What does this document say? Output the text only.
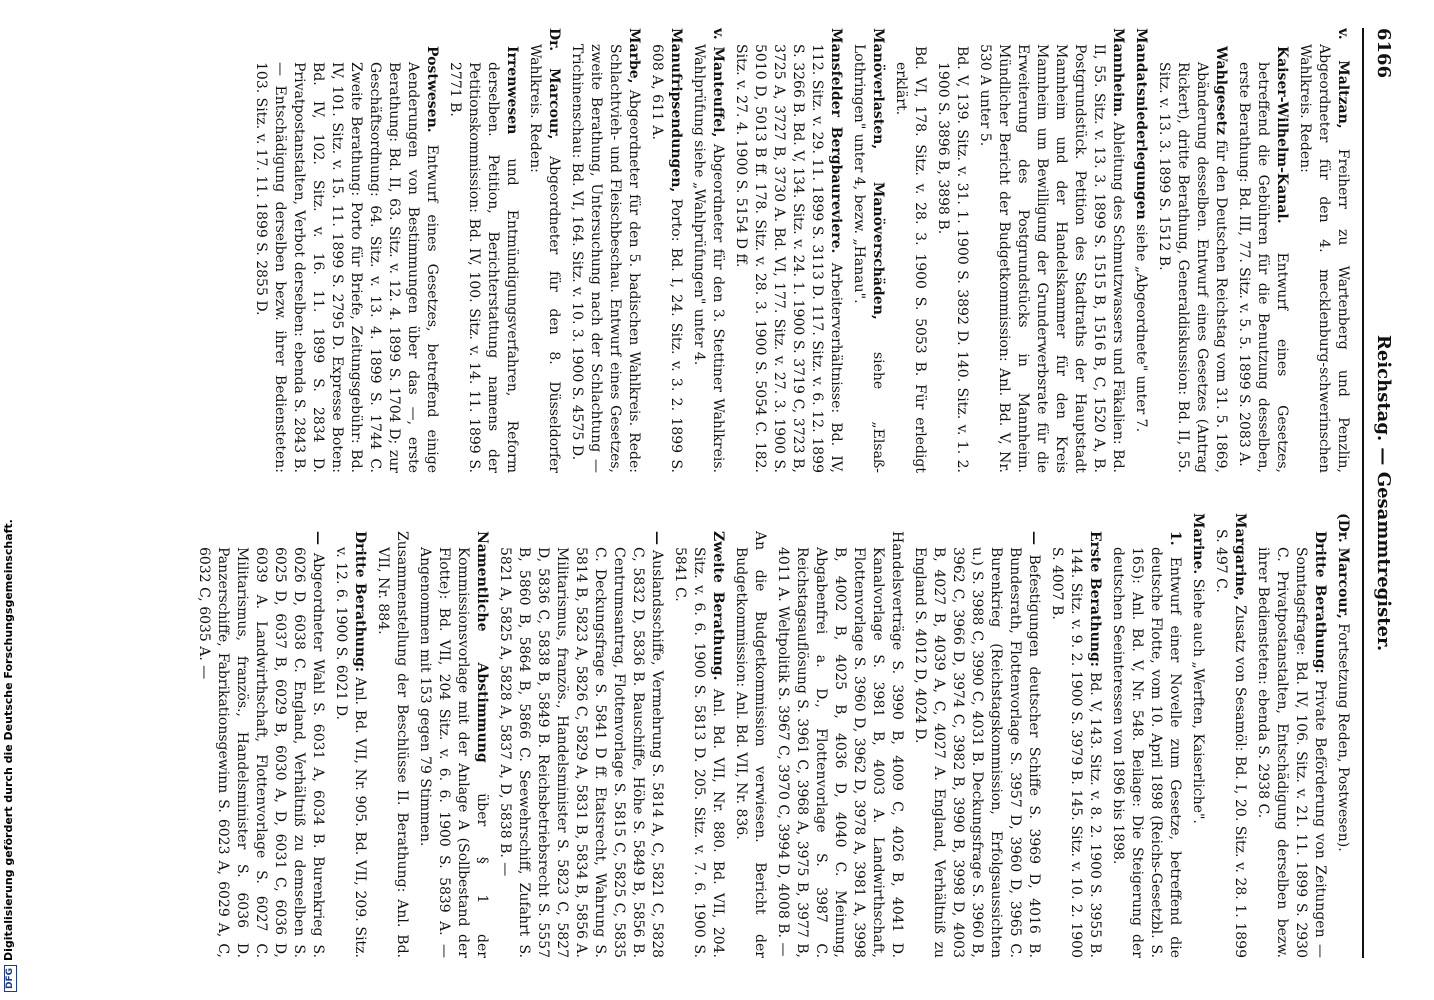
6166
Reichstag. — Gesammtregister.
v. Maltzan, Freiherr zu Wartenberg und Penzlin, Abgeordneter für den 4. mecklenburg-schwerinschen Wahlkreis. Reden:
Kaiser-Wilhelm-Kanal. Entwurf eines Gesetzes, betreffend die Gebühren für die Benutzung desselben, erste Berathung: Bd. III, 77. Sitz. v. 5. 5. 1899 S. 2083 A.
Wahlgesetz für den Deutschen Reichstag vom 31. 5. 1869, Abänderung desselben. Entwurf eines Gesetzes (Antrag Rickert), dritte Berathung, Generaldiskussion: Bd. II, 55. Sitz. v. 13. 3. 1899 S. 1512 B.
Mandatsniederlegungen siehe „Abgeordnete" unter 7.
Mannheim. Ableitung des Schmutzwassers und Fäkalien: Bd. II, 55. Sitz. v. 13. 3. 1899 S. 1515 B, 1516 B, C, 1520 A, B. Postgrundstück. Petition des Stadtraths der Hauptstadt Mannheim und der Handelskammer für den Kreis Mannheim um Bewilligung der Grunderwerbsrate für die Erweiterung des Postgrundstücks in Mannheim. Mündlicher Bericht der Budgetkommission: Anl. Bd. V, Nr. 530 A unter 5.
Bd. V, 139. Sitz. v. 31. 1. 1900 S. 3892 D. 140. Sitz. v. 1. 2. 1900 S. 3896 B, 3898 B.
Bd. VI, 178. Sitz. v. 28. 3. 1900 S. 5053 B. Für erledigt erklärt.
Manöverlasten, Manöverschäden, siehe „Elsaß-Lothringen" unter 4, bezw. „Hanau".
Mansfelder Bergbaureviere. Arbeiterverhältnisse: Bd. IV, 112. Sitz. v. 29. 11. 1899 S. 3113 D. 117. Sitz. v. 6. 12. 1899 S. 3266 B. Bd. V, 134. Sitz. v. 24. 1. 1900 S. 3719 C, 3723 B, 3725 A, 3727 B, 3730 A. Bd. VI, 177. Sitz. v. 27. 3. 1900 S. 5010 D, 5013 B ff. 178. Sitz. v. 28. 3. 1900 S. 5054 C. 182. Sitz. v. 27. 4. 1900 S. 5154 D ff.
v. Manteuffel, Abgeordneter für den 3. Stettiner Wahlkreis. Wahlprüfung siehe „Wahlprüfungen" unter 4.
Manufripsendungen, Porto: Bd. I, 24. Sitz. v. 3. 2. 1899 S. 608 A, 611 A.
Marbe, Abgeordneter für den 5. badischen Wahlkreis. Rede: Schlachtvieh- und Fleischbeschau. Entwurf eines Gesetzes, zweite Berathung, Untersuchung nach der Schlachtung — Trichinenschau: Bd. VI, 164. Sitz. v. 10. 3. 1900 S. 4575 D.
Dr. Marcour, Abgeordneter für den 8. Düsseldorfer Wahlkreis. Reden:
Irrenwesen und Entmündigungsverfahren, Reform derselben. Petition, Berichterstattung namens der Petitionskommission: Bd. IV, 100. Sitz. v. 14. 11. 1899 S. 2771 B.
Postwesen. Entwurf eines Gesetzes, betreffend einige Aenderungen von Bestimmungen über das —, erste Berathung: Bd. II, 63. Sitz. v. 12. 4. 1899 S. 1704 D; zur Geschäftsordnung: 64. Sitz. v. 13. 4. 1899 S. 1744 C. Zweite Berathung: Porto für Briefe, Zeitungsgebühr: Bd. IV, 101. Sitz. v. 15. 11. 1899 S. 2795 D. Expresse Boten: Bd. IV, 102. Sitz. v. 16. 11. 1899 S. 2834 D. Privatpostanstalten, Verbot derselben: ebenda S. 2843 B. — Entschädigung derselben bezw. ihrer Bediensteten: 103. Sitz. v. 17. 11. 1899 S. 2855 D.
(Dr. Marcour, Fortsetzung Reden, Postwesen).
Dritte Berathung: Private Beförderung von Zeitungen — Sonntagsfrage: Bd. IV, 106. Sitz. v. 21. 11. 1899 S. 2930 C. Privatpostanstalten, Entschädigung derselben bezw. ihrer Bediensteten: ebenda S. 2938 C.
Margarine, Zusatz von Sesamöl: Bd. I, 20. Sitz. v. 28. 1. 1899 S. 497 C.
Marine. Siehe auch „Werften, Kaiserliche".
1. Entwurf einer Novelle zum Gesetze, betreffend die deutsche Flotte, vom 10. April 1898 (Reichs-Gesetzbl. S. 165): Anl. Bd. V, Nr. 548. Beilage: Die Steigerung der deutschen Seeinteressen von 1896 bis 1898.
Erste Berathung: Bd. V, 143. Sitz. v. 8. 2. 1900 S. 3955 B. 144. Sitz. v. 9. 2. 1900 S. 3979 B. 145. Sitz. v. 10. 2. 1900 S. 4007 B.
— Befestigungen deutscher Schiffe S. 3969 D, 4016 B. Bundesrath, Flottenvorlage S. 3957 D, 3960 D, 3965 C. Burenkrieg (Reichstagskommission, Erfolgsaussichten u.) S. 3988 C, 3990 C, 4031 B. Deckungsfrage S. 3960 B, 3962 C, 3966 D, 3974 C, 3982 B, 3990 B, 3998 D, 4003 B, 4027 B, 4039 A, C, 4027 A. England, Verhältniß zu England S. 4012 D, 4024 D.
Handelsverträge S. 3990 B, 4009 C, 4026 B, 4041 D. Kanalvorlage S. 3981 B, 4003 A. Landwirthschaft, Flottenvorlage S. 3960 D, 3962 D, 3978 A, 3981 A, 3998 B, 4002 B, 4025 B, 4036 D, 4040 C. Meinung, Abgabenfrei a. D., Flottenvorlage S. 3987 C. Reichstagsauflösung S. 3961 C, 3968 A, 3975 B, 3977 B, 4011 A. Weltpolitik S. 3967 C, 3970 C, 3994 D, 4008 B. —
An die Budgetkommission verwiesen. Bericht der Budgetkommission: Anl. Bd. VII, Nr. 836.
Zweite Berathung. Anl. Bd. VII, Nr. 880. Bd. VII, 204. Sitz. v. 6. 6. 1900 S. 5813 D. 205. Sitz. v. 7. 6. 1900 S. 5841 C.
— Auslandsschiffe, Vermehrung S. 5814 A, C, 5821 C, 5828 C, 5832 D, 5836 B. Bauschiffe, Höhe S. 5849 B, 5856 B. Centrumsantrag, Flottenvorlage S. 5815 C, 5825 C, 5835 C. Deckungsfrage S. 5841 D ff. Etatsrecht, Wahrung S. 5814 B, 5823 A, 5826 C, 5829 A, 5831 B, 5834 B, 5856 A. Militarismus, französ., Handelsminister S. 5823 C, 5827 D, 5836 C, 5838 B, 5849 B. Reichsbetriebsrecht S. 5557 B, 5860 B, 5864 B, 5866 C. Seewehrschiff, Zufahrt S. 5821 A, 5825 A, 5828 A, 5837 A, D, 5838 B. —
Namentliche Abstimmung über § 1 der Kommissionsvorlage mit der Anlage A (Sollbestand der Flotte): Bd. VII, 204 Sitz. v. 6. 6. 1900 S. 5839 A. — Angenommen mit 153 gegen 79 Stimmen.
Zusammenstellung der Beschlüsse II. Berathung: Anl. Bd. VII, Nr. 884.
Dritte Berathung: Anl. Bd. VII, Nr. 905. Bd. VII, 209. Sitz. v. 12. 6. 1900 S. 6021 D.
— Abgeordneter Wahl S. 6031 A, 6034 B. Burenkrieg S. 6026 D, 6038 C. England, Verhältniß zu demselben S. 6025 D, 6037 B, 6029 B, 6030 A, D, 6031 C, 6036 D, 6039 A. Landwirthschaft, Flottenvorlage S. 6027 C. Militarismus, französ., Handelsminister S. 6036 D. Panzerschiffe, Fabrikationsgewinn S. 6023 A, 6029 A, C, 6032 C, 6035 A. —
DFGDigitalisierung gefördert durch die Deutsche Forschungsgemeinschaft.
